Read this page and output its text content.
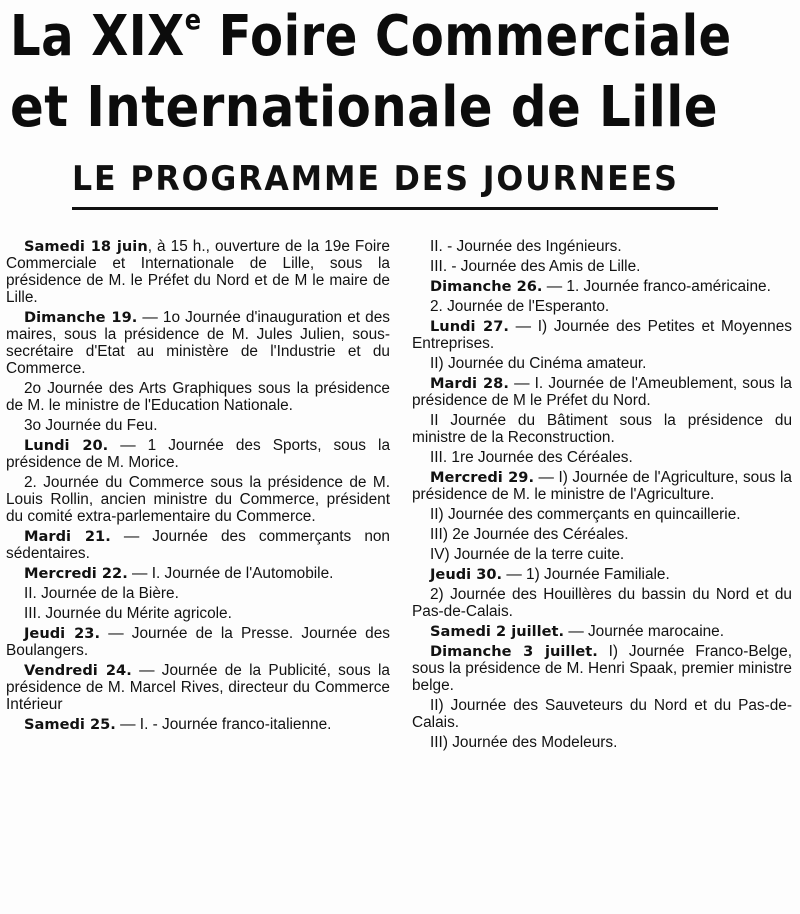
La XIXe Foire Commerciale
et Internationale de Lille
LE PROGRAMME DES JOURNEES

Samedi 18 juin, à 15 h., ouverture de la 19e Foire Commerciale et Internationale de Lille, sous la présidence de M. le Préfet du Nord et de M le maire de Lille.

Dimanche 19. — 1o Journée d'inauguration et des maires, sous la présidence de M. Jules Julien, sous-secrétaire d'Etat au ministère de l'Industrie et du Commerce.

2o Journée des Arts Graphiques sous la présidence de M. le ministre de l'Education Nationale.

3o Journée du Feu.

Lundi 20. — 1 Journée des Sports, sous la présidence de M. Morice.

2. Journée du Commerce sous la présidence de M. Louis Rollin, ancien ministre du Commerce, président du comité extra-parlementaire du Commerce.

Mardi 21. — Journée des commerçants non sédentaires.

Mercredi 22. — I. Journée de l'Automobile.

II. Journée de la Bière.

III. Journée du Mérite agricole.

Jeudi 23. — Journée de la Presse. Journée des Boulangers.

Vendredi 24. — Journée de la Publicité, sous la présidence de M. Marcel Rives, directeur du Commerce Intérieur

Samedi 25. — I. - Journée franco-italienne.

II. - Journée des Ingénieurs.

III. - Journée des Amis de Lille.

Dimanche 26. — 1. Journée franco-américaine.

2. Journée de l'Esperanto.

Lundi 27. — I) Journée des Petites et Moyennes Entreprises.

II) Journée du Cinéma amateur.

Mardi 28. — I. Journée de l'Ameublement, sous la présidence de M le Préfet du Nord.

II Journée du Bâtiment sous la présidence du ministre de la Reconstruction.

III. 1re Journée des Céréales.

Mercredi 29. — I) Journée de l'Agriculture, sous la présidence de M. le ministre de l'Agriculture.

II) Journée des commerçants en quincaillerie.

III) 2e Journée des Céréales.

IV) Journée de la terre cuite.

Jeudi 30. — 1) Journée Familiale.

2) Journée des Houillères du bassin du Nord et du Pas-de-Calais.

Samedi 2 juillet. — Journée marocaine.

Dimanche 3 juillet. I) Journée Franco-Belge, sous la présidence de M. Henri Spaak, premier ministre belge.

II) Journée des Sauveteurs du Nord et du Pas-de-Calais.

III) Journée des Modeleurs.
